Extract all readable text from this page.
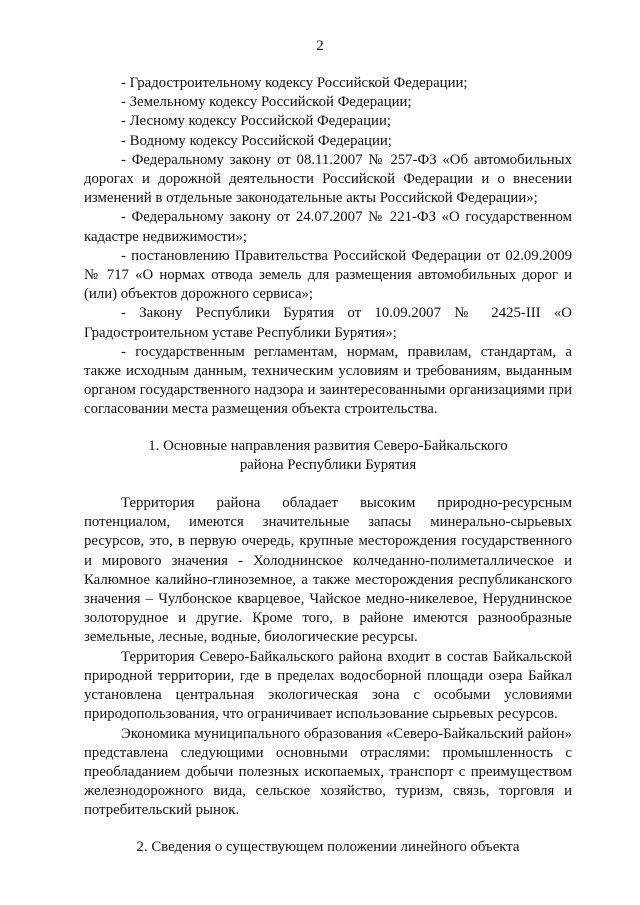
2

- Градостроительному кодексу Российской Федерации;

- Земельному кодексу Российской Федерации;

- Лесному кодексу Российской Федерации;

- Водному кодексу Российской Федерации;

- Федеральному закону от 08.11.2007 № 257-ФЗ «Об автомобильных дорогах и дорожной деятельности Российской Федерации и о внесении изменений в отдельные законодательные акты Российской Федерации»;

- Федеральному закону от 24.07.2007 № 221-ФЗ «О государственном кадастре недвижимости»;

- постановлению Правительства Российской Федерации от 02.09.2009 № 717 «О нормах отвода земель для размещения автомобильных дорог и (или) объектов дорожного сервиса»;

- Закону Республики Бурятия от 10.09.2007 № 2425-III «О Градостроительном уставе Республики Бурятия»;

- государственным регламентам, нормам, правилам, стандартам, а также исходным данным, техническим условиям и требованиям, выданным органом государственного надзора и заинтересованными организациями при согласовании места размещения объекта строительства.

1. Основные направления развития Северо-Байкальского

района Республики Бурятия

Территория района обладает высоким природно-ресурсным потенциалом, имеются значительные запасы минерально-сырьевых ресурсов, это, в первую очередь, крупные месторождения государственного и мирового значения - Холоднинское колчеданно-полиметаллическое и Калюмное калийно-глиноземное, а также месторождения республиканского значения – Чулбонское кварцевое, Чайское медно-никелевое, Неруднинское золоторудное и другие. Кроме того, в районе имеются разнообразные земельные, лесные, водные, биологические ресурсы.

Территория Северо-Байкальского района входит в состав Байкальской природной территории, где в пределах водосборной площади озера Байкал установлена центральная экологическая зона с особыми условиями природопользования, что ограничивает использование сырьевых ресурсов.

Экономика муниципального образования «Северо-Байкальский район» представлена следующими основными отраслями: промышленность с преобладанием добычи полезных ископаемых, транспорт с преимуществом железнодорожного вида, сельское хозяйство, туризм, связь, торговля и потребительский рынок.

2. Сведения о существующем положении линейного объекта
